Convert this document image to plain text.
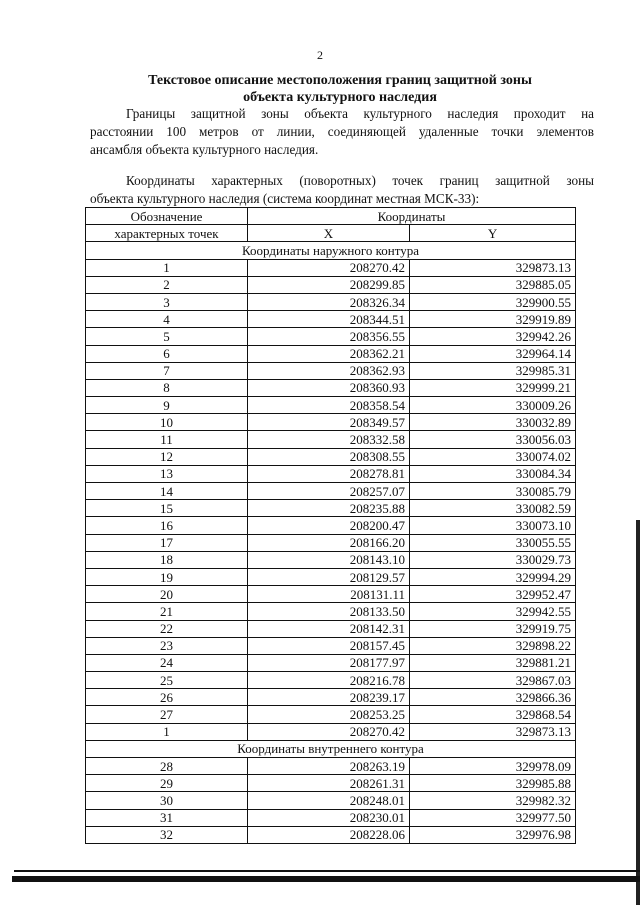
2
Текстовое описание местоположения границ защитной зоны
объекта культурного наследия
Границы защитной зоны объекта культурного наследия проходит на
расстоянии 100 метров от линии, соединяющей удаленные точки элементов
ансамбля объекта культурного наследия.
Координаты характерных (поворотных) точек границ защитной зоны
объекта культурного наследия (система координат местная МСК-33):
Обозначение	Координаты	
характерных точек	X	Y
Координаты наружного контура		
1	208270.42	329873.13
2	208299.85	329885.05
3	208326.34	329900.55
4	208344.51	329919.89
5	208356.55	329942.26
6	208362.21	329964.14
7	208362.93	329985.31
8	208360.93	329999.21
9	208358.54	330009.26
10	208349.57	330032.89
11	208332.58	330056.03
12	208308.55	330074.02
13	208278.81	330084.34
14	208257.07	330085.79
15	208235.88	330082.59
16	208200.47	330073.10
17	208166.20	330055.55
18	208143.10	330029.73
19	208129.57	329994.29
20	208131.11	329952.47
21	208133.50	329942.55
22	208142.31	329919.75
23	208157.45	329898.22
24	208177.97	329881.21
25	208216.78	329867.03
26	208239.17	329866.36
27	208253.25	329868.54
1	208270.42	329873.13
Координаты внутреннего контура		
28	208263.19	329978.09
29	208261.31	329985.88
30	208248.01	329982.32
31	208230.01	329977.50
32	208228.06	329976.98
